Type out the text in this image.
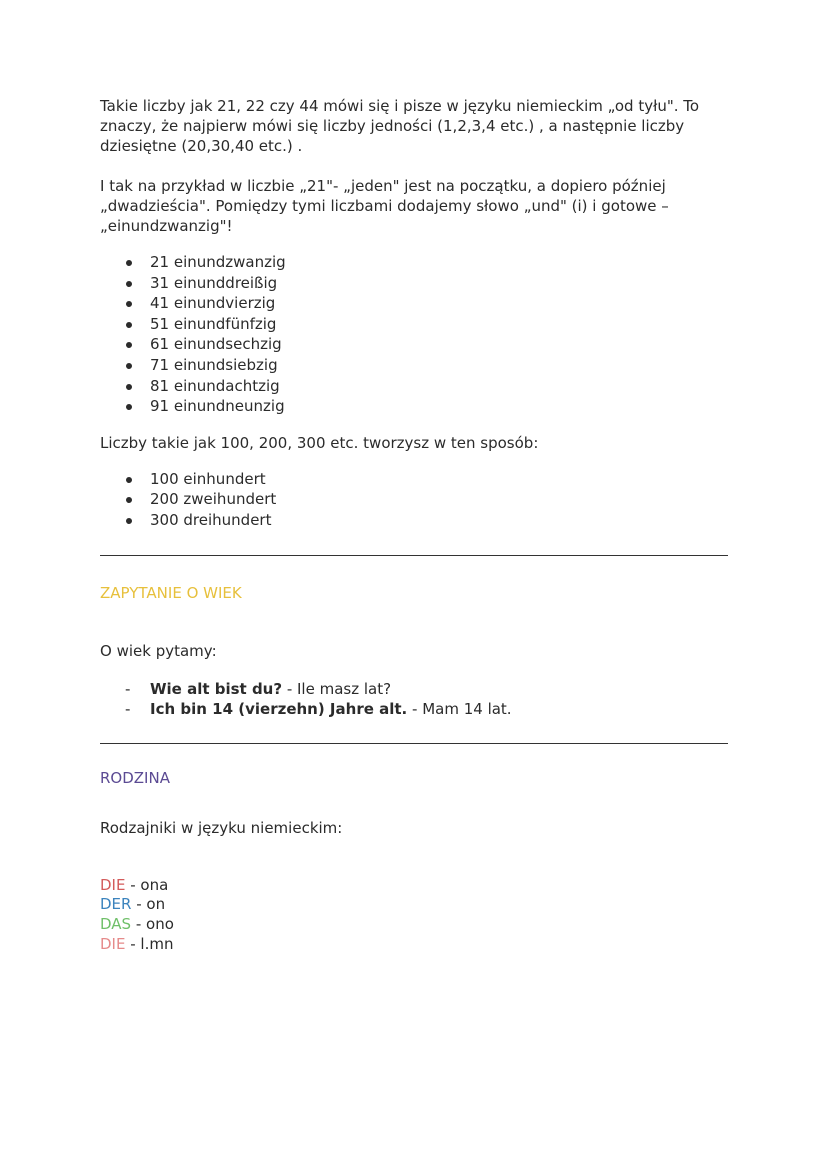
Takie liczby jak 21, 22 czy 44 mówi się i pisze w języku niemieckim „od tyłu". To znaczy, że najpierw mówi się liczby jedności (1,2,3,4 etc.) , a następnie liczby dziesiętne (20,30,40 etc.) .

I tak na przykład w liczbie „21"- „jeden" jest na początku, a dopiero później „dwadzieścia". Pomiędzy tymi liczbami dodajemy słowo „und" (i) i gotowe – „einundzwanzig"!

21 einundzwanzig
31 einunddreißig
41 einundvierzig
51 einundfünfzig
61 einundsechzig
71 einundsiebzig
81 einundachtzig
91 einundneunzig

Liczby takie jak 100, 200, 300 etc. tworzysz w ten sposób:

100 einhundert
200 zweihundert
300 dreihundert

ZAPYTANIE O WIEK

O wiek pytamy:

- Wie alt bist du? - Ile masz lat?
- Ich bin 14 (vierzehn) Jahre alt. - Mam 14 lat.

RODZINA

Rodzajniki w języku niemieckim:

DIE - ona
DER - on
DAS - ono
DIE - l.mn
